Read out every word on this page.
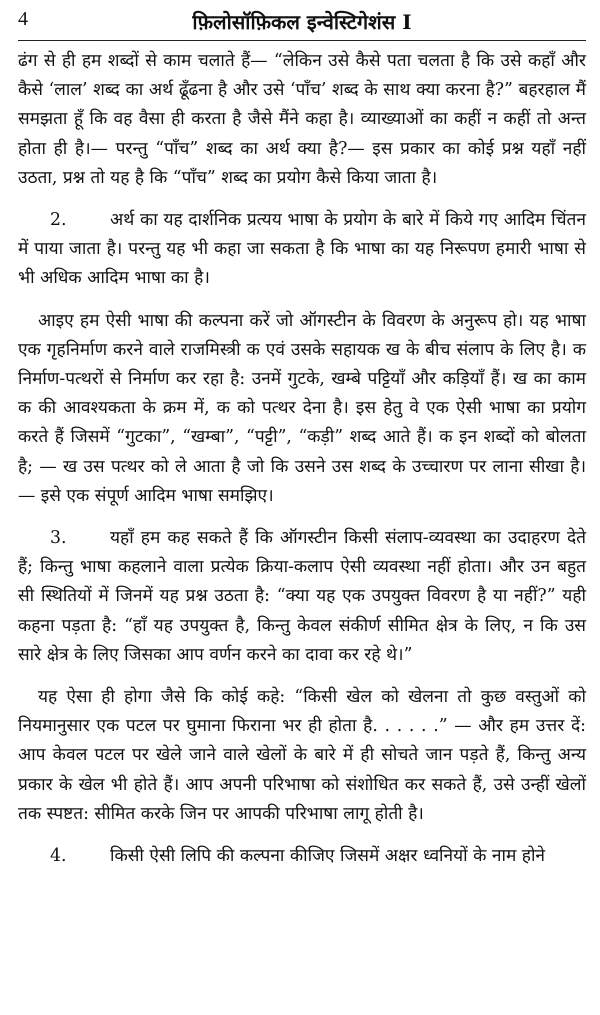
4	फ़िलोसॉफ़िकल इन्वेस्टिगेशंस I

ढंग से ही हम शब्दों से काम चलाते हैं— “लेकिन उसे कैसे पता चलता है कि उसे कहाँ और कैसे ‘लाल’ शब्द का अर्थ ढूँढना है और उसे ‘पाँच’ शब्द के साथ क्या करना है?” बहरहाल मैं समझता हूँ कि वह वैसा ही करता है जैसे मैंने कहा है। व्याख्याओं का कहीं न कहीं तो अन्त होता ही है।— परन्तु “पाँच” शब्द का अर्थ क्या है?— इस प्रकार का कोई प्रश्न यहाँ नहीं उठता, प्रश्न तो यह है कि “पाँच” शब्द का प्रयोग कैसे किया जाता है।

2.	अर्थ का यह दार्शनिक प्रत्यय भाषा के प्रयोग के बारे में किये गए आदिम चिंतन में पाया जाता है। परन्तु यह भी कहा जा सकता है कि भाषा का यह निरूपण हमारी भाषा से भी अधिक आदिम भाषा का है।

आइए हम ऐसी भाषा की कल्पना करें जो ऑगस्टीन के विवरण के अनुरूप हो। यह भाषा एक गृहनिर्माण करने वाले राजमिस्त्री क एवं उसके सहायक ख के बीच संलाप के लिए है। क निर्माण-पत्थरों से निर्माण कर रहा है: उनमें गुटके, खम्बे पट्टियाँ और कड़ियाँ हैं। ख का काम क की आवश्यकता के क्रम में, क को पत्थर देना है। इस हेतु वे एक ऐसी भाषा का प्रयोग करते हैं जिसमें “गुटका”, “खम्बा”, “पट्टी”, “कड़ी” शब्द आते हैं। क इन शब्दों को बोलता है; — ख उस पत्थर को ले आता है जो कि उसने उस शब्द के उच्चारण पर लाना सीखा है। — इसे एक संपूर्ण आदिम भाषा समझिए।

3.	यहाँ हम कह सकते हैं कि ऑगस्टीन किसी संलाप-व्यवस्था का उदाहरण देते हैं; किन्तु भाषा कहलाने वाला प्रत्येक क्रिया-कलाप ऐसी व्यवस्था नहीं होता। और उन बहुत सी स्थितियों में जिनमें यह प्रश्न उठता है: “क्या यह एक उपयुक्त विवरण है या नहीं?” यही कहना पड़ता है: “हाँ यह उपयुक्त है, किन्तु केवल संकीर्ण सीमित क्षेत्र के लिए, न कि उस सारे क्षेत्र के लिए जिसका आप वर्णन करने का दावा कर रहे थे।”

यह ऐसा ही होगा जैसे कि कोई कहे: “किसी खेल को खेलना तो कुछ वस्तुओं को नियमानुसार एक पटल पर घुमाना फिराना भर ही होता है. . . . . .” — और हम उत्तर दें: आप केवल पटल पर खेले जाने वाले खेलों के बारे में ही सोचते जान पड़ते हैं, किन्तु अन्य प्रकार के खेल भी होते हैं। आप अपनी परिभाषा को संशोधित कर सकते हैं, उसे उन्हीं खेलों तक स्पष्टत: सीमित करके जिन पर आपकी परिभाषा लागू होती है।

4.	किसी ऐसी लिपि की कल्पना कीजिए जिसमें अक्षर ध्वनियों के नाम होने
